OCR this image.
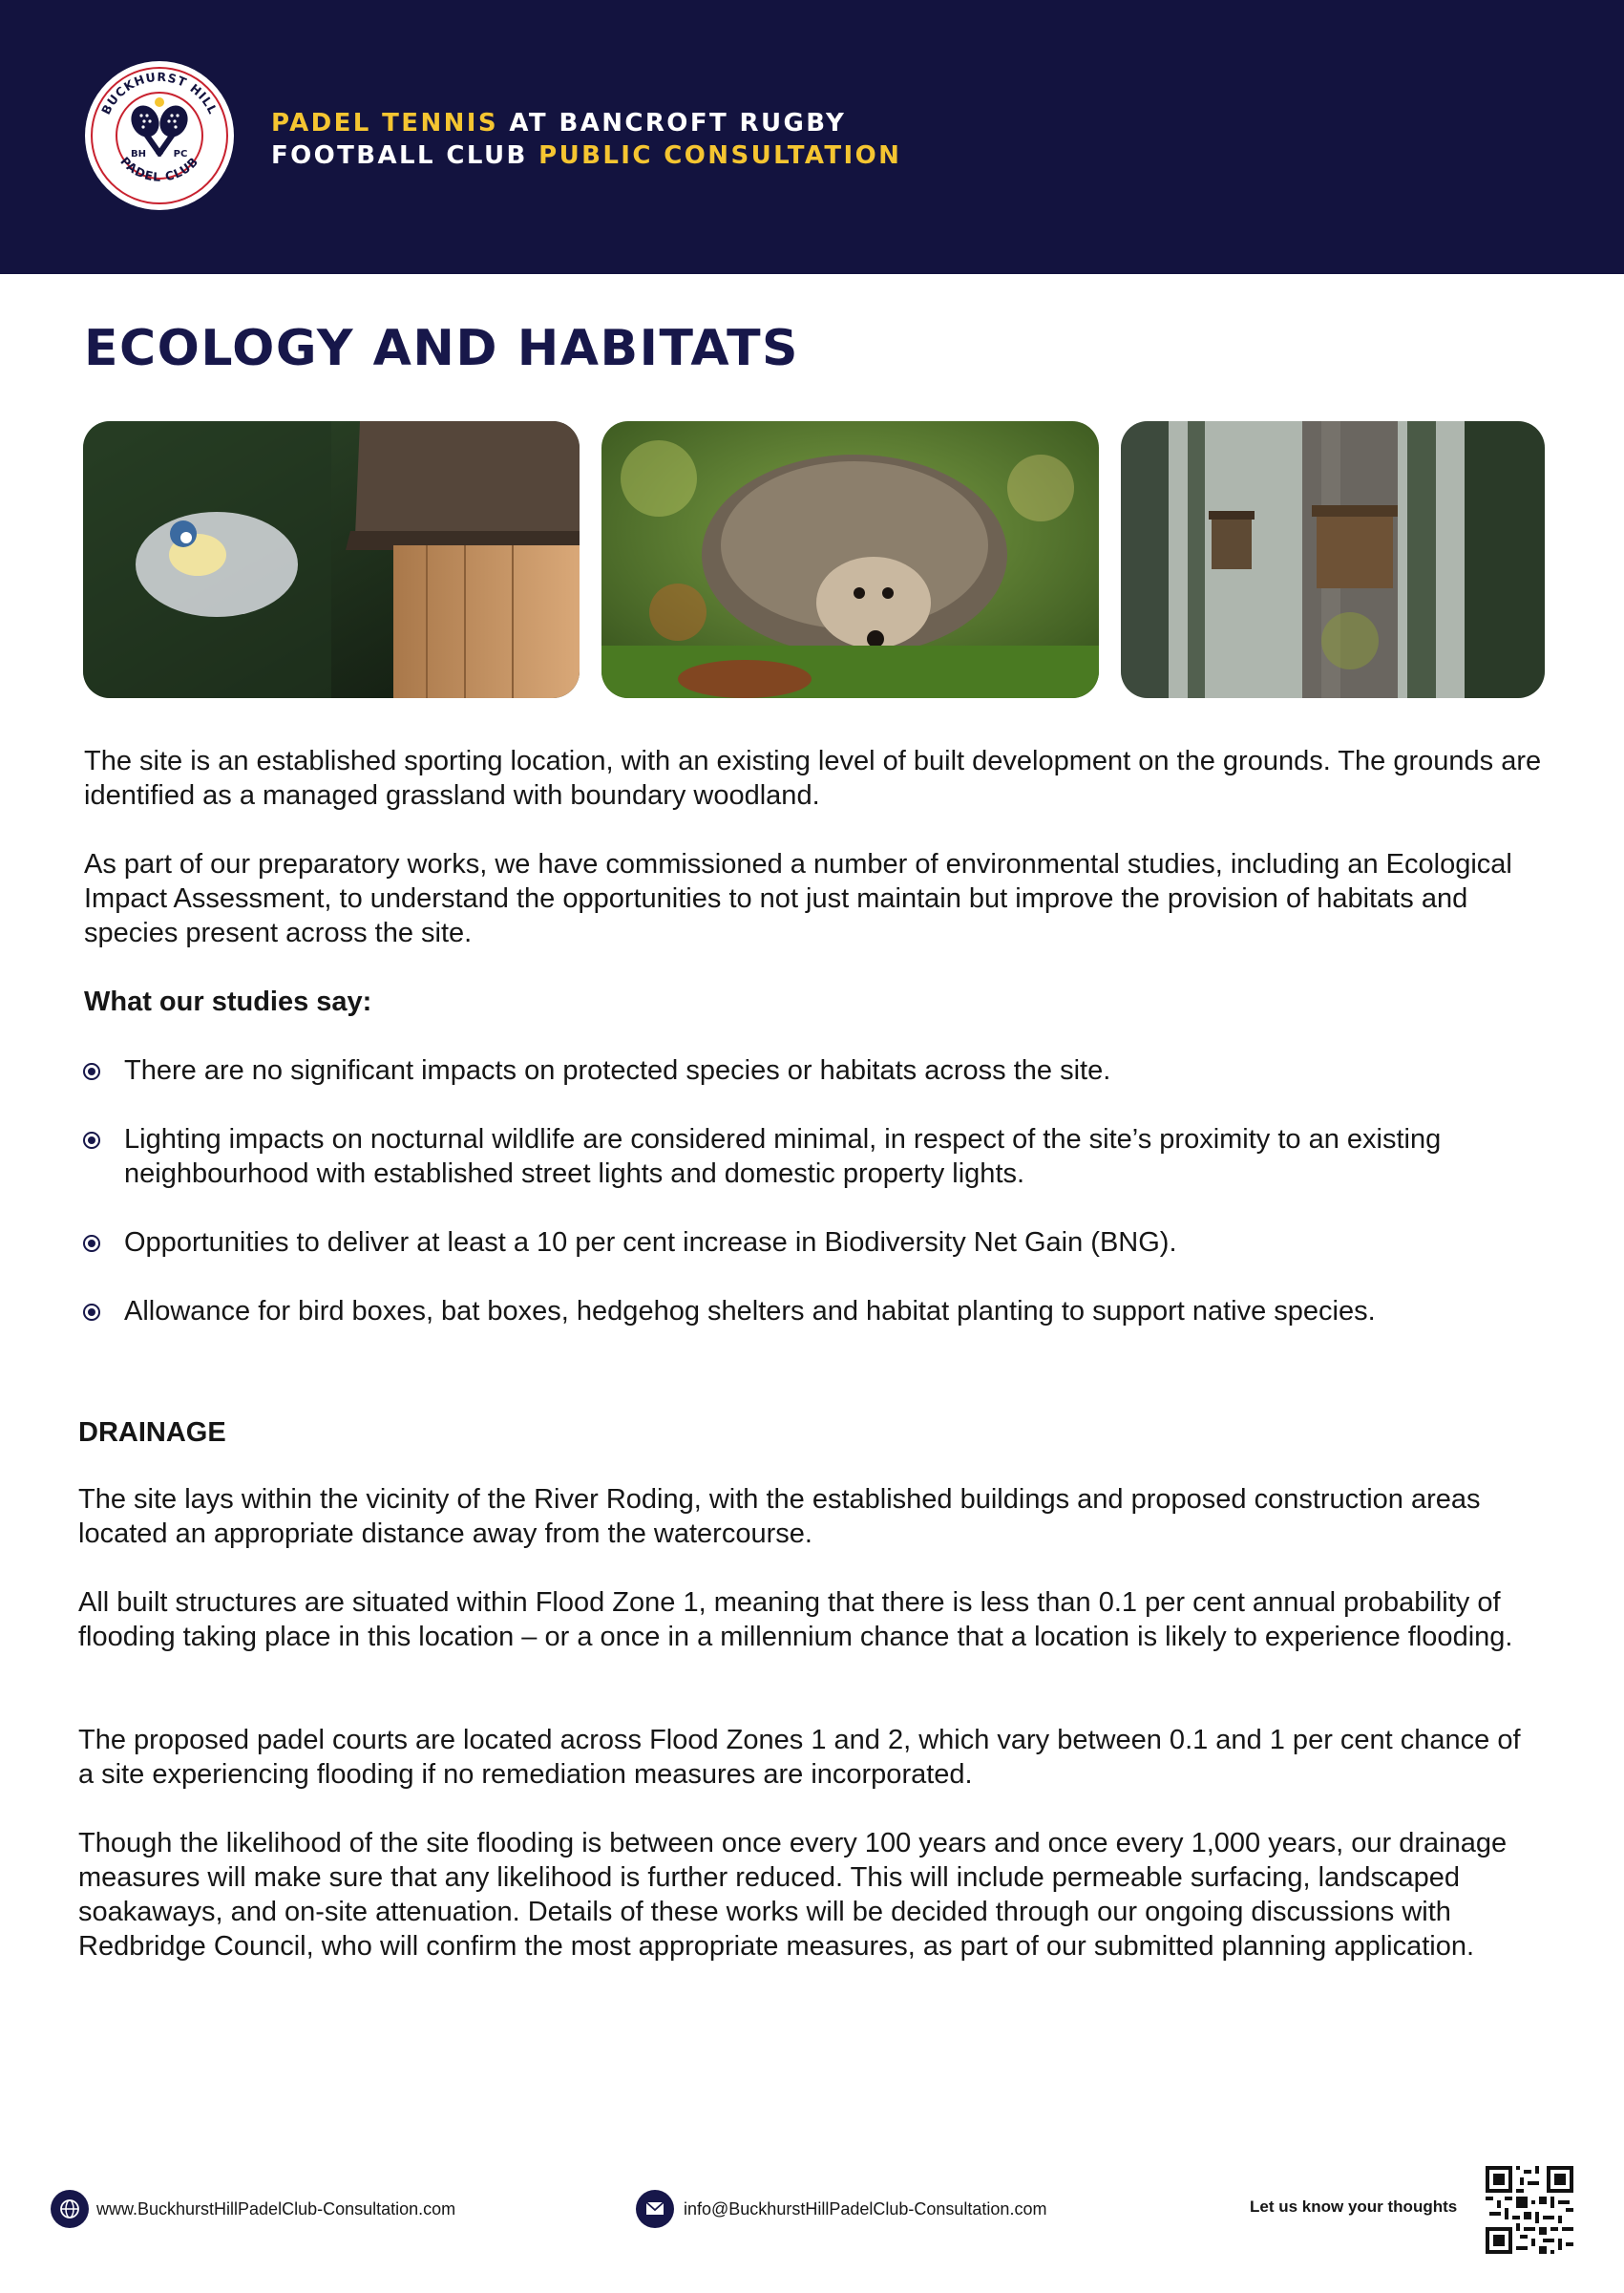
BUCKHURST HILL
PADEL CLUB
BH	PC
PADEL TENNIS AT BANCROFT RUGBY
FOOTBALL CLUB PUBLIC CONSULTATION
ECOLOGY AND HABITATS

The site is an established sporting location, with an existing level of built development on the grounds. The grounds are identified as a managed grassland with boundary woodland.

As part of our preparatory works, we have commissioned a number of environmental studies, including an Ecological Impact Assessment, to understand the opportunities to not just maintain but improve the provision of habitats and species present across the site.

What our studies say:

There are no significant impacts on protected species or habitats across the site.

Lighting impacts on nocturnal wildlife are considered minimal, in respect of the site’s proximity to an existing neighbourhood with established street lights and domestic property lights.

Opportunities to deliver at least a 10 per cent increase in Biodiversity Net Gain (BNG).

Allowance for bird boxes, bat boxes, hedgehog shelters and habitat planting to support native species.

DRAINAGE

The site lays within the vicinity of the River Roding, with the established buildings and proposed construction areas located an appropriate distance away from the watercourse.

All built structures are situated within Flood Zone 1, meaning that there is less than 0.1 per cent annual probability of flooding taking place in this location – or a once in a millennium chance that a location is likely to experience flooding.

The proposed padel courts are located across Flood Zones 1 and 2, which vary between 0.1 and 1 per cent chance of a site experiencing flooding if no remediation measures are incorporated.

Though the likelihood of the site flooding is between once every 100 years and once every 1,000 years, our drainage measures will make sure that any likelihood is further reduced. This will include permeable surfacing, landscaped soakaways, and on-site attenuation. Details of these works will be decided through our ongoing discussions with Redbridge Council, who will confirm the most appropriate measures, as part of our submitted planning application.

www.BuckhurstHillPadelClub-Consultation.com	info@BuckhurstHillPadelClub-Consultation.com	Let us know your thoughts
